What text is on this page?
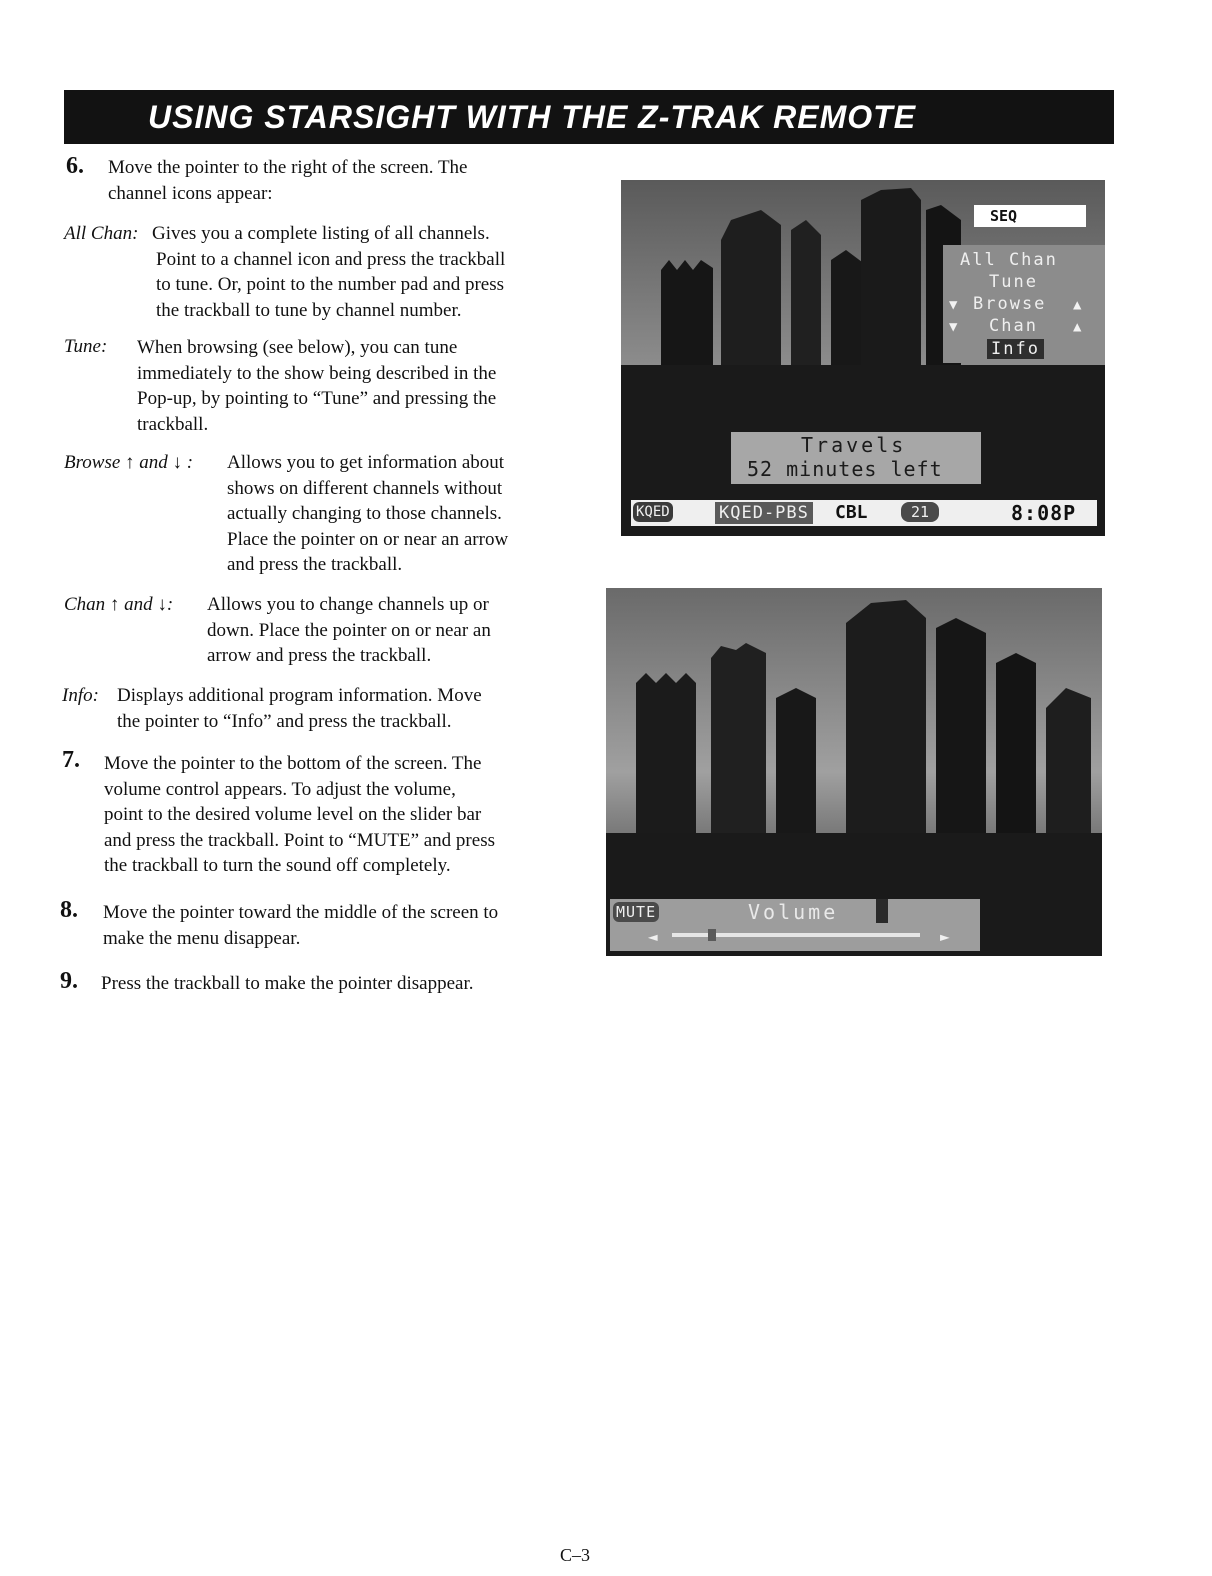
USING STARSIGHT WITH THE Z-TRAK REMOTE
6. Move the pointer to the right of the screen. The

channel icons appear:

All Chan: Gives you a complete listing of all channels.

Point to a channel icon and press the trackball

to tune. Or, point to the number pad and press

the trackball to tune by channel number.

Tune: When browsing (see below), you can tune

immediately to the show being described in the

Pop-up, by pointing to “Tune” and pressing the

trackball.

Browse ↑ and ↓ : Allows you to get information about

shows on different channels without

actually changing to those channels.

Place the pointer on or near an arrow

and press the trackball.

Chan ↑ and ↓: Allows you to change channels up or

down. Place the pointer on or near an

arrow and press the trackball.

Info: Displays additional program information. Move

the pointer to “Info” and press the trackball.

7. Move the pointer to the bottom of the screen. The

volume control appears. To adjust the volume,

point to the desired volume level on the slider bar

and press the trackball. Point to “MUTE” and press

the trackball to turn the sound off completely.

8. Move the pointer toward the middle of the screen to

make the menu disappear.

9. Press the trackball to make the pointer disappear.

SEQ
All Chan
Tune
▼ Browse ▲
▼ Chan	▲
Info
Travels
52 minutes left
KQED	KQED-PBS CBL	21	8:08P
MUTE	Volume
◄	►
C–3
